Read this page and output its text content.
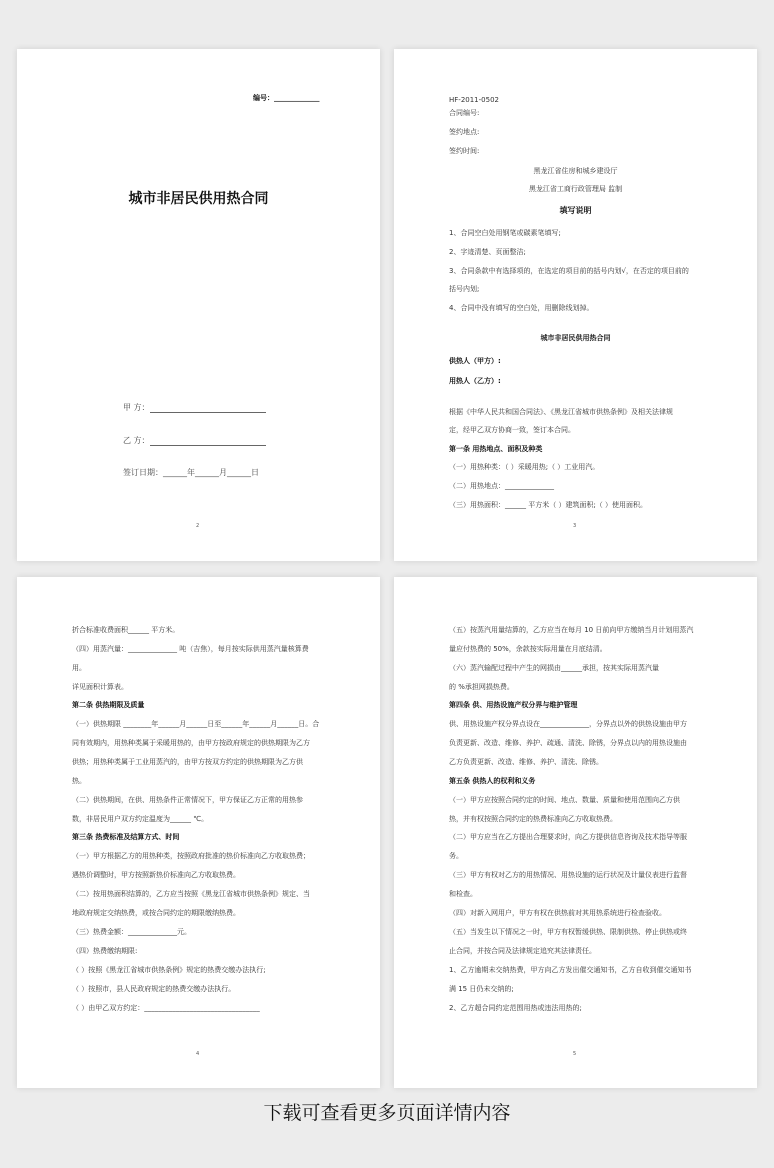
编号：_____________
城市非居民供用热合同
甲 方：
乙 方：
签订日期：______年______月______日
2
HF-2011-0502
合同编号:
签约地点:
签约时间:
黑龙江省住房和城乡建设厅
黑龙江省工商行政管理局 监制
填写说明
1、合同空白处用钢笔或碳素笔填写;
2、字迹清楚、页面整洁;
3、合同条款中有选择项的，在选定的项目前的括号内划√，在否定的项目前的
括号内划;
4、合同中没有填写的空白处，用删除线划掉。
城市非居民供用热合同
供热人（甲方）:
用热人（乙方）:
根据《中华人民共和国合同法》、《黑龙江省城市供热条例》及相关法律规
定，经甲乙双方协商一致，签订本合同。
第一条 用热地点、面积及种类
（一）用热种类：（ ）采暖用热;（ ）工业用汽。
（二）用热地点：______________
（三）用热面积：______ 平方米（ ）建筑面积;（ ）使用面积。
3
折合标准收费面积______ 平方米。
（四）用蒸汽量：______________ 吨（吉焦），每月按实际供用蒸汽量核算费
用。
详见面积计算表。
第二条 供热期限及质量
（一）供热期限 ________年______月______日至______年______月______日。合
同有效期内，用热种类属于采暖用热的，由甲方按政府规定的供热期限为乙方
供热；用热种类属于工业用蒸汽的，由甲方按双方约定的供热期限为乙方供
热。
（二）供热期间，在供、用热条件正常情况下，甲方保证乙方正常的用热参
数，非居民用户双方约定温度为______ ℃。
第三条 热费标准及结算方式、时间
（一）甲方根据乙方的用热种类，按照政府批准的热价标准向乙方收取热费；
遇热价调整时，甲方按照新热价标准向乙方收取热费。
（二）按用热面积结算的，乙方应当按照《黑龙江省城市供热条例》规定、当
地政府规定交纳热费，或按合同约定的期限缴纳热费。
（三）热费金额：______________元。
（四）热费缴纳期限:
（ ）按照《黑龙江省城市供热条例》规定的热费交缴办法执行;
（ ）按照市，县人民政府规定的热费交缴办法执行。
（ ）由甲乙双方约定：_________________________________
4
（五）按蒸汽用量结算的，乙方应当在每月 10 日前向甲方缴纳当月计划用蒸汽
量应付热费的 50%，余款按实际用量在月底结清。
（六）蒸汽输配过程中产生的网损由______承担，按其实际用蒸汽量
的 %承担网损热费。
第四条 供、用热设施产权分界与维护管理
供、用热设施产权分界点设在______________，分界点以外的供热设施由甲方
负责更新、改造、维修、养护、疏通、清洗、除锈，分界点以内的用热设施由
乙方负责更新、改造、维修、养护、清洗、除锈。
第五条 供热人的权利和义务
（一）甲方应按照合同约定的时间、地点、数量、质量和使用范围向乙方供
热，并有权按照合同约定的热费标准向乙方收取热费。
（二）甲方应当在乙方提出合理要求时，向乙方提供信息咨询及技术指导等服
务。
（三）甲方有权对乙方的用热情况、用热设施的运行状况及计量仪表进行监督
和检查。
（四）对新入网用户，甲方有权在供热前对其用热系统进行检查验收。
（五）当发生以下情况之一时，甲方有权暂缓供热、限制供热、停止供热或终
止合同，并按合同及法律规定追究其法律责任。
1、乙方逾期未交纳热费，甲方向乙方发出催交通知书，乙方自收到催交通知书
满 15 日仍未交纳的;
2、乙方超合同约定范围用热或违法用热的;
5
下载可查看更多页面详情内容
